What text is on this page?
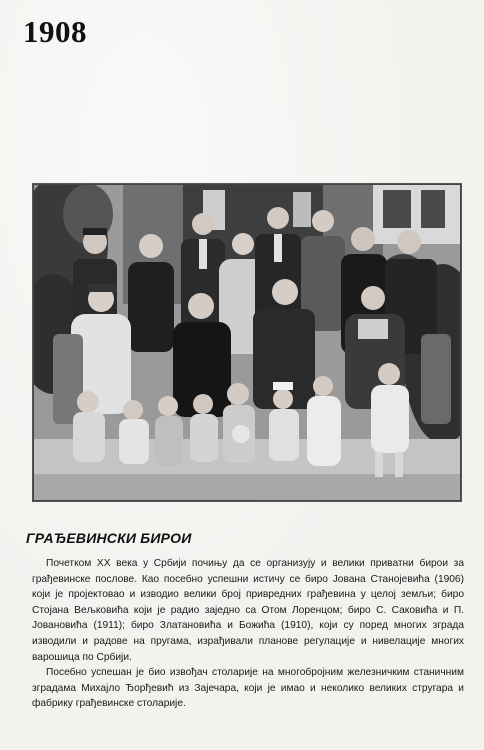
1908
ГРАЂЕВИНСКИ БИРОИ

Почетком XX века у Србији почињу да се организују и велики приватни бирои за грађевинске послове. Као посебно успешни истичу се биро Јована Станојевића (1906) који је пројектовао и изводио велики број привредних грађевина у целој земљи; биро Стојана Вељковића који је радио заједно са Отом Лоренцом; биро С. Саковића и П. Јовановића (1911); биро Златановића и Божића (1910), који су поред многих зграда изводили и радове на пругама, израђивали планове регулације и нивелације многих варошица по Србији.

Посебно успешан је био извођач столарије на многобројним железничким станичним зградама Михајло Ђорђевић из Зајечара, који је имао и неколико великих стругара и фабрику грађевинске столарије.
